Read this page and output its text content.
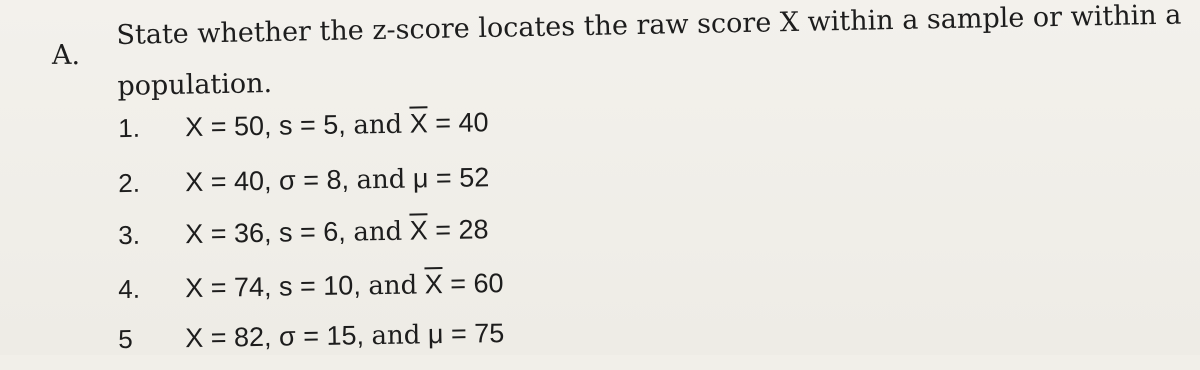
A.
State whether the z-score locates the raw score X within a sample or within a population.
1. X = 50, s = 5, and $\overline{X} = 40$
2. X = 40, σ = 8, and μ = 52
3. X = 36, s = 6, and $\overline{X} = 28$
4. X = 74, s = 10, and $\overline{X} = 60$
5 X = 82, σ = 15, and μ = 75
